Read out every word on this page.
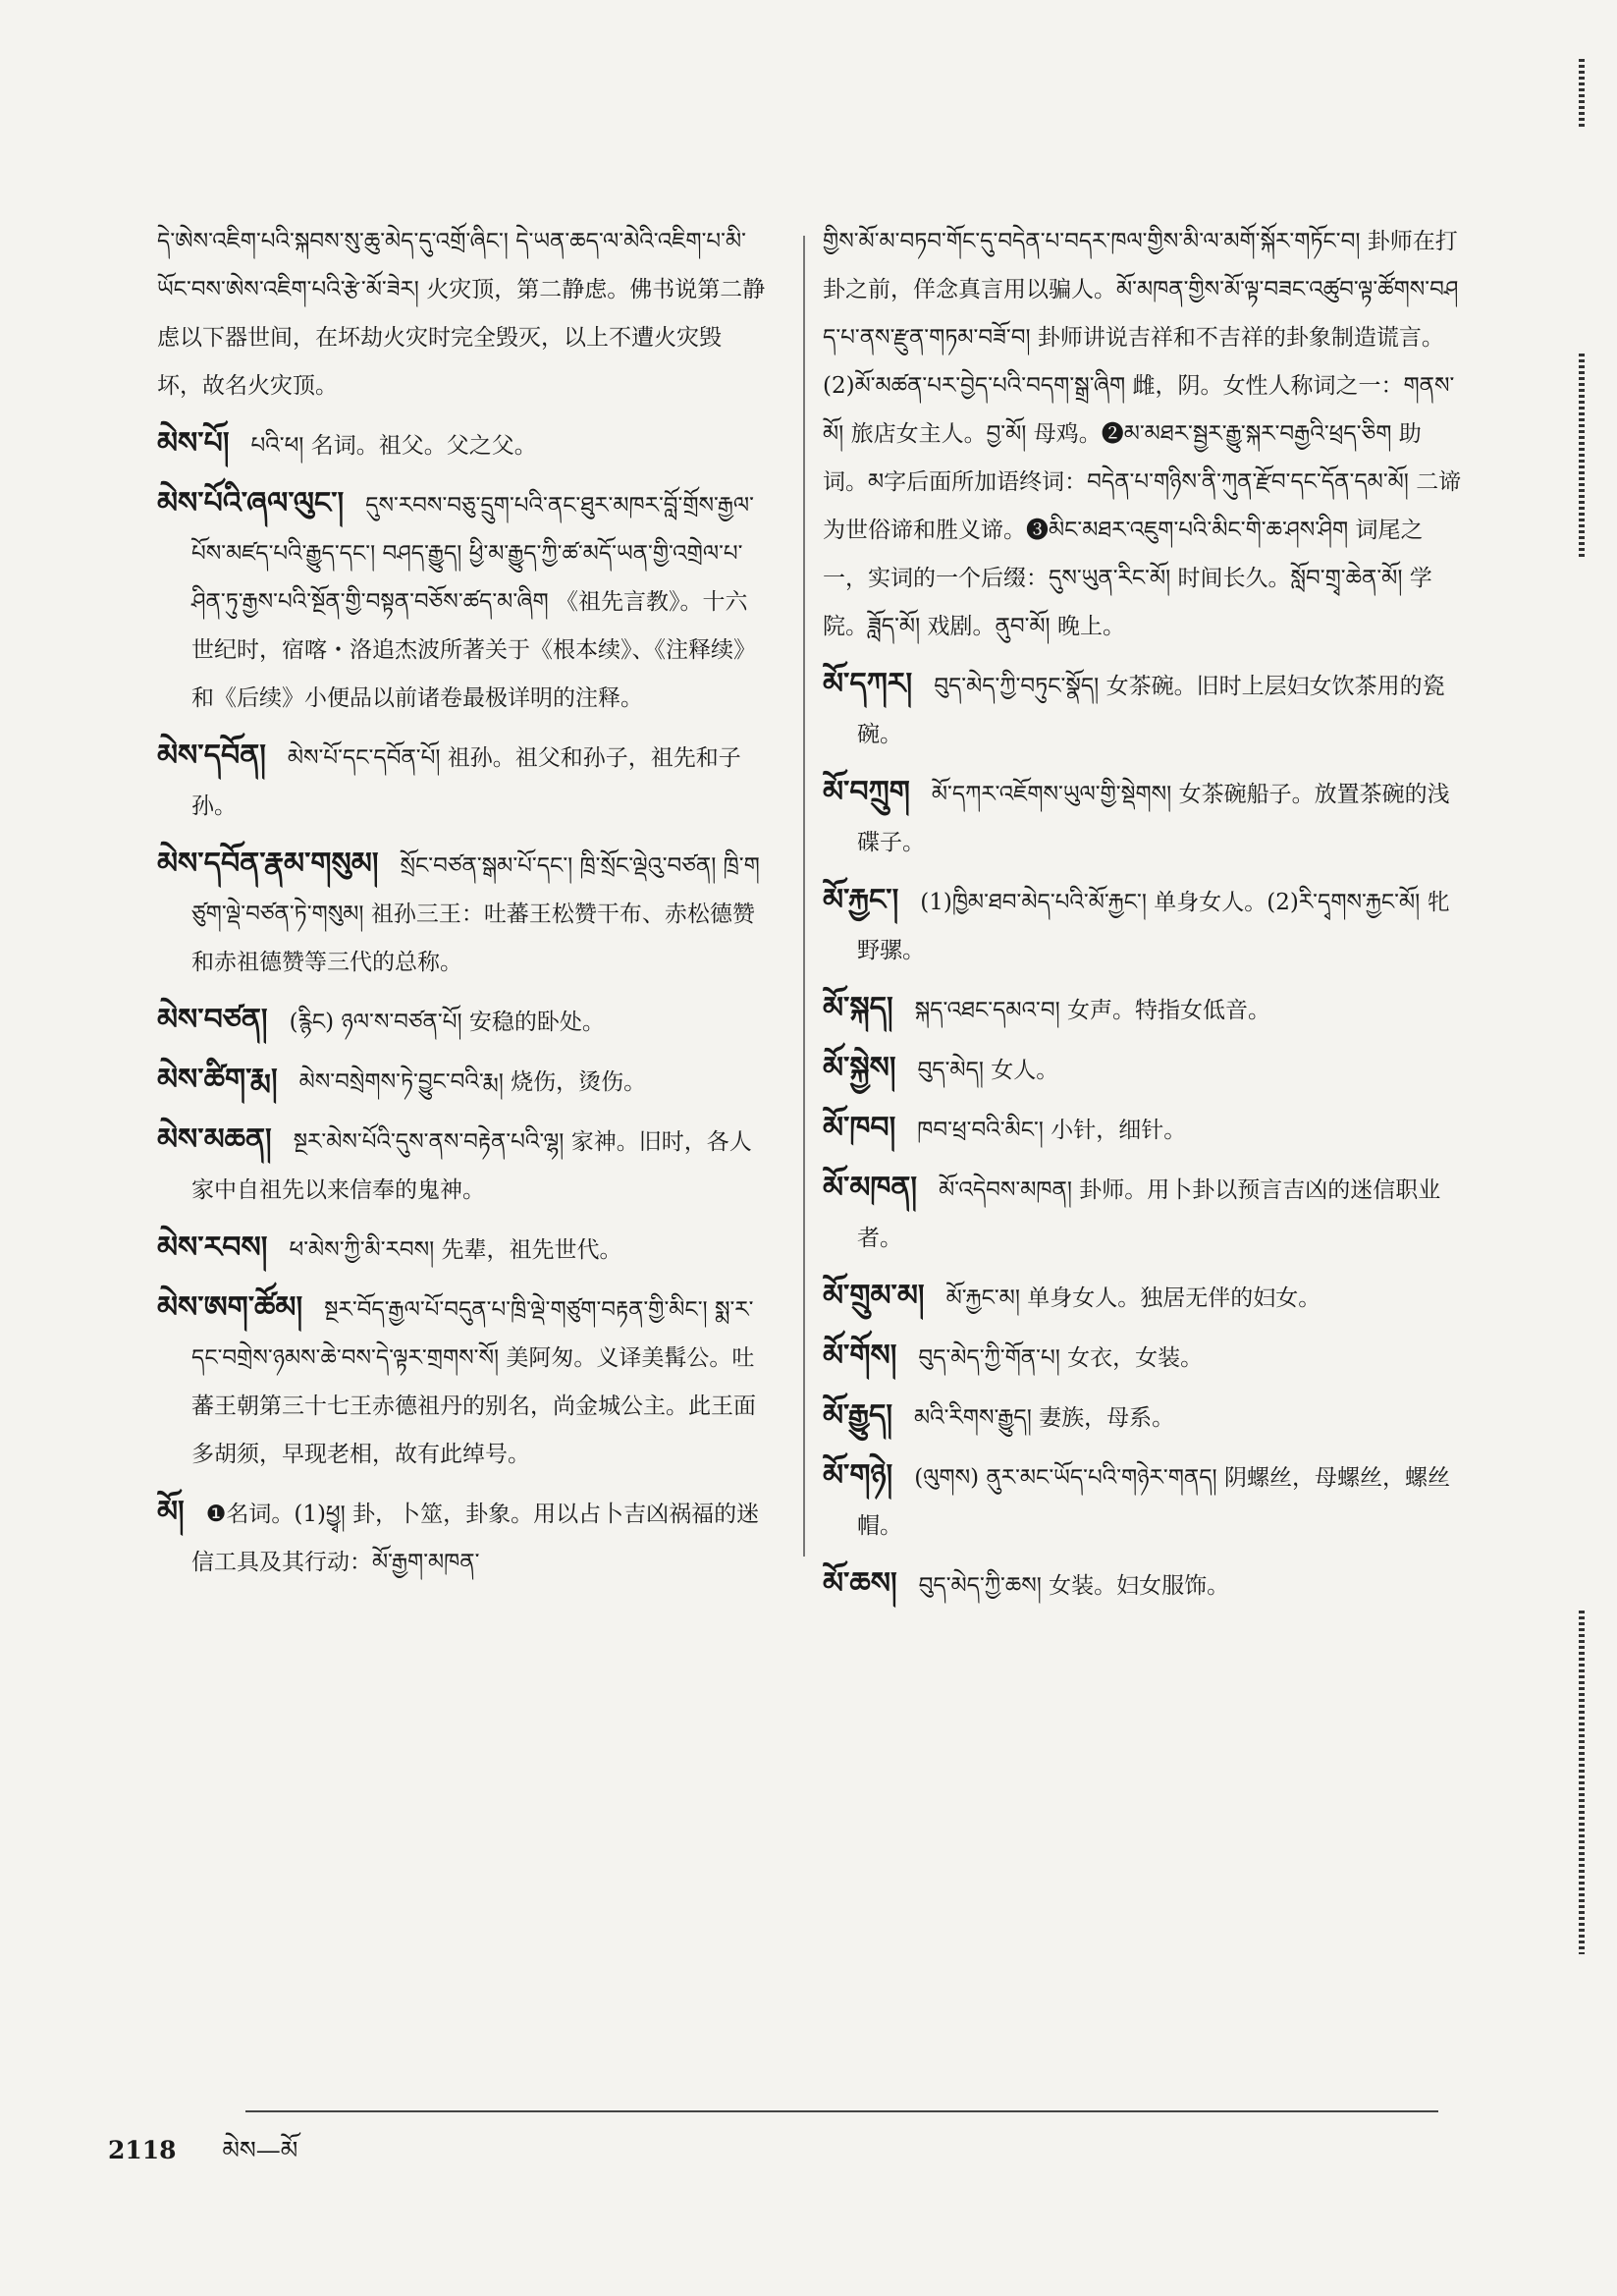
དེ་ཨེས་འཇིག་པའི་སྐབས་སུ་ཆུ་མེད་དུ་འགྲོ་ཞིང་། དེ་ཡན་ཆད་ལ་མེའི་འཇིག་པ་མི་ཡོང་བས་ཨེས་འཇིག་པའི་རྩེ་མོ་ཟེར། 火灾顶，第二静虑。佛书说第二静虑以下器世间，在坏劫火灾时完全毁灭，以上不遭火灾毁坏，故名火灾顶。
མེས་པོ། པའི་ཕ། 名词。祖父。父之父。
མེས་པོའི་ཞལ་ལུང་། དུས་རབས་བཅུ་དྲུག་པའི་ནང་ཐུར་མཁར་བློ་གྲོས་རྒྱལ་པོས་མཛད་པའི་རྒྱུད་དང་། བཤད་རྒྱུད། ཕྱི་མ་རྒྱུད་ཀྱི་ཚ་མདོ་ཡན་གྱི་འགྲེལ་པ་ཤིན་ཏུ་རྒྱས་པའི་སྔོན་གྱི་བསྟན་བཅོས་ཚད་མ་ཞིག 《祖先言教》。十六世纪时，宿喀・洛追杰波所著关于《根本续》、《注释续》和《后续》小便品以前诸卷最极详明的注释。
མེས་དབོན། མེས་པོ་དང་དབོན་པོ། 祖孙。祖父和孙子，祖先和子孙。
མེས་དབོན་རྣམ་གསུམ། སྲོང་བཙན་སྒམ་པོ་དང་། ཁྲི་སྲོང་ལྡེའུ་བཙན། ཁྲི་གཙུག་ལྡེ་བཙན་ཏེ་གསུམ། 祖孙三王：吐蕃王松赞干布、赤松德赞和赤祖德赞等三代的总称。
མེས་བཙན། (རྙིང) ཉལ་ས་བཙན་པོ། 安稳的卧处。
མེས་ཚིག་རྨ། མེས་བསྲེགས་ཏེ་བྱུང་བའི་རྨ། 烧伤，烫伤。
མེས་མཆན། སྔར་མེས་པོའི་དུས་ནས་བརྟེན་པའི་ལྷ། 家神。旧时，各人家中自祖先以来信奉的鬼神。
མེས་རབས། ཕ་མེས་ཀྱི་མི་རབས། 先辈，祖先世代。
མེས་ཨག་ཚོམ། སྔར་བོད་རྒྱལ་པོ་བདུན་པ་ཁྲི་ལྡེ་གཙུག་བརྟན་གྱི་མིང་། སྨ་ར་དང་བགྲེས་ཉམས་ཆེ་བས་དེ་ལྟར་གྲགས་སོ། 美阿匆。义译美髯公。吐蕃王朝第三十七王赤德祖丹的别名，尚金城公主。此王面多胡须，早现老相，故有此绰号。
མོ། ❶名词。(1)ཕྱྭ། 卦，卜筮，卦象。用以占卜吉凶祸福的迷信工具及其行动：མོ་རྒྱག་མཁན་
གྱིས་མོ་མ་བཏབ་གོང་དུ་བདེན་པ་བདར་ཁལ་གྱིས་མི་ལ་མགོ་སྐོར་གཏོང་བ། 卦师在打卦之前，佯念真言用以骗人。མོ་མཁན་གྱིས་མོ་ལྟ་བཟང་འཚུབ་ལྟ་ཚོགས་བཤད་པ་ནས་རྫུན་གཏམ་བཟོ་བ། 卦师讲说吉祥和不吉祥的卦象制造谎言。(2)མོ་མཚན་པར་བྱེད་པའི་བདག་སྒྲ་ཞིག 雌，阴。女性人称词之一：གནས་མོ། 旅店女主人。བྱ་མོ། 母鸡。❷མ་མཐར་སྦྱར་རྒྱུ་སྐར་བརྒྱའི་ཕྲད་ཅིག 助词。མ字后面所加语终词：བདེན་པ་གཉིས་ནི་ཀུན་རྫོབ་དང་དོན་དམ་མོ། 二谛为世俗谛和胜义谛。❸མིང་མཐར་འཇུག་པའི་མིང་གི་ཆ་ཤས་ཤིག 词尾之一，实词的一个后缀：དུས་ཡུན་རིང་མོ། 时间长久。སློབ་གྲྭ་ཆེན་མོ། 学院。ཟློད་མོ། 戏剧。ནུབ་མོ། 晚上。
མོ་དཀར། བུད་མེད་ཀྱི་བཏུང་སྣོད། 女茶碗。旧时上层妇女饮茶用的瓷碗。
མོ་བཀྲུག མོ་དཀར་འཇོགས་ཡུལ་གྱི་སྡེགས། 女茶碗船子。放置茶碗的浅碟子。
མོ་རྐྱང་། (1)ཁྱིམ་ཐབ་མེད་པའི་མོ་རྐྱང་། 单身女人。(2)རི་དྭགས་རྐྱང་མོ། 牝野骡。
མོ་སྐད། སྐད་འཐང་དམའ་བ། 女声。特指女低音。
མོ་སྐྱེས། བུད་མེད། 女人。
མོ་ཁབ། ཁབ་ཕྲ་བའི་མིང་། 小针，细针。
མོ་མཁན། མོ་འདེབས་མཁན། 卦师。用卜卦以预言吉凶的迷信职业者。
མོ་གྲུམ་མ། མོ་རྐྱང་མ། 单身女人。独居无伴的妇女。
མོ་གོས། བུད་མེད་ཀྱི་གོན་པ། 女衣，女装。
མོ་རྒྱུད། མའི་རིགས་རྒྱུད། 妻族，母系。
མོ་གཉེ། (ལུགས) ནུར་མང་ཡོད་པའི་གཉེར་གནད། 阴螺丝，母螺丝，螺丝帽。
མོ་ཆས། བུད་མེད་ཀྱི་ཆས། 女装。妇女服饰。
2118 མེས—མོ
